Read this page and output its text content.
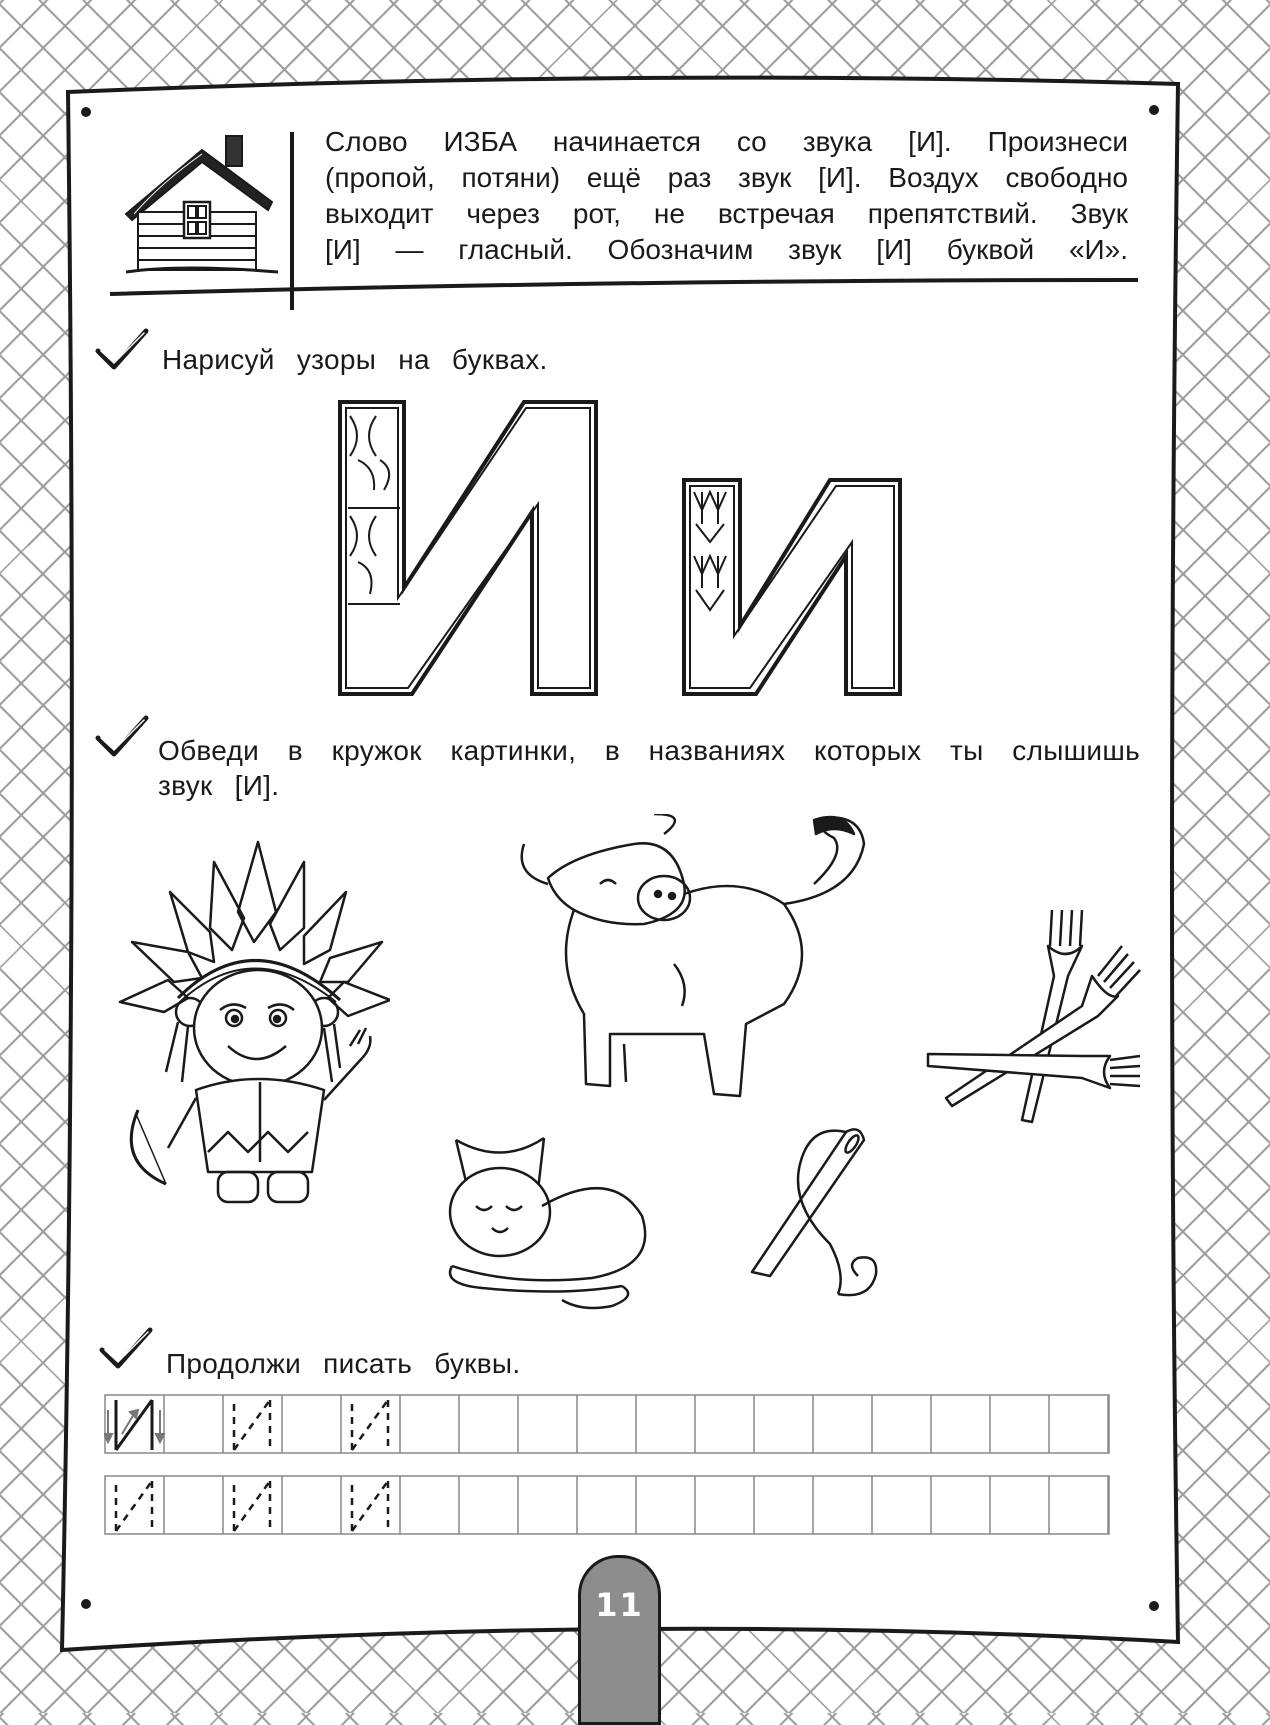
Слово ИЗБА начинается со звука [И]. Произнеси
(пропой, потяни) ещё раз звук [И]. Воздух свободно
выходит через рот, не встречая препятствий. Звук
[И] — гласный. Обозначим звук [И] буквой «И».
Нарисуй узоры на буквах.
Обведи в кружок картинки, в названиях которых ты слышишь
звук [И].
Продолжи писать буквы.
11
